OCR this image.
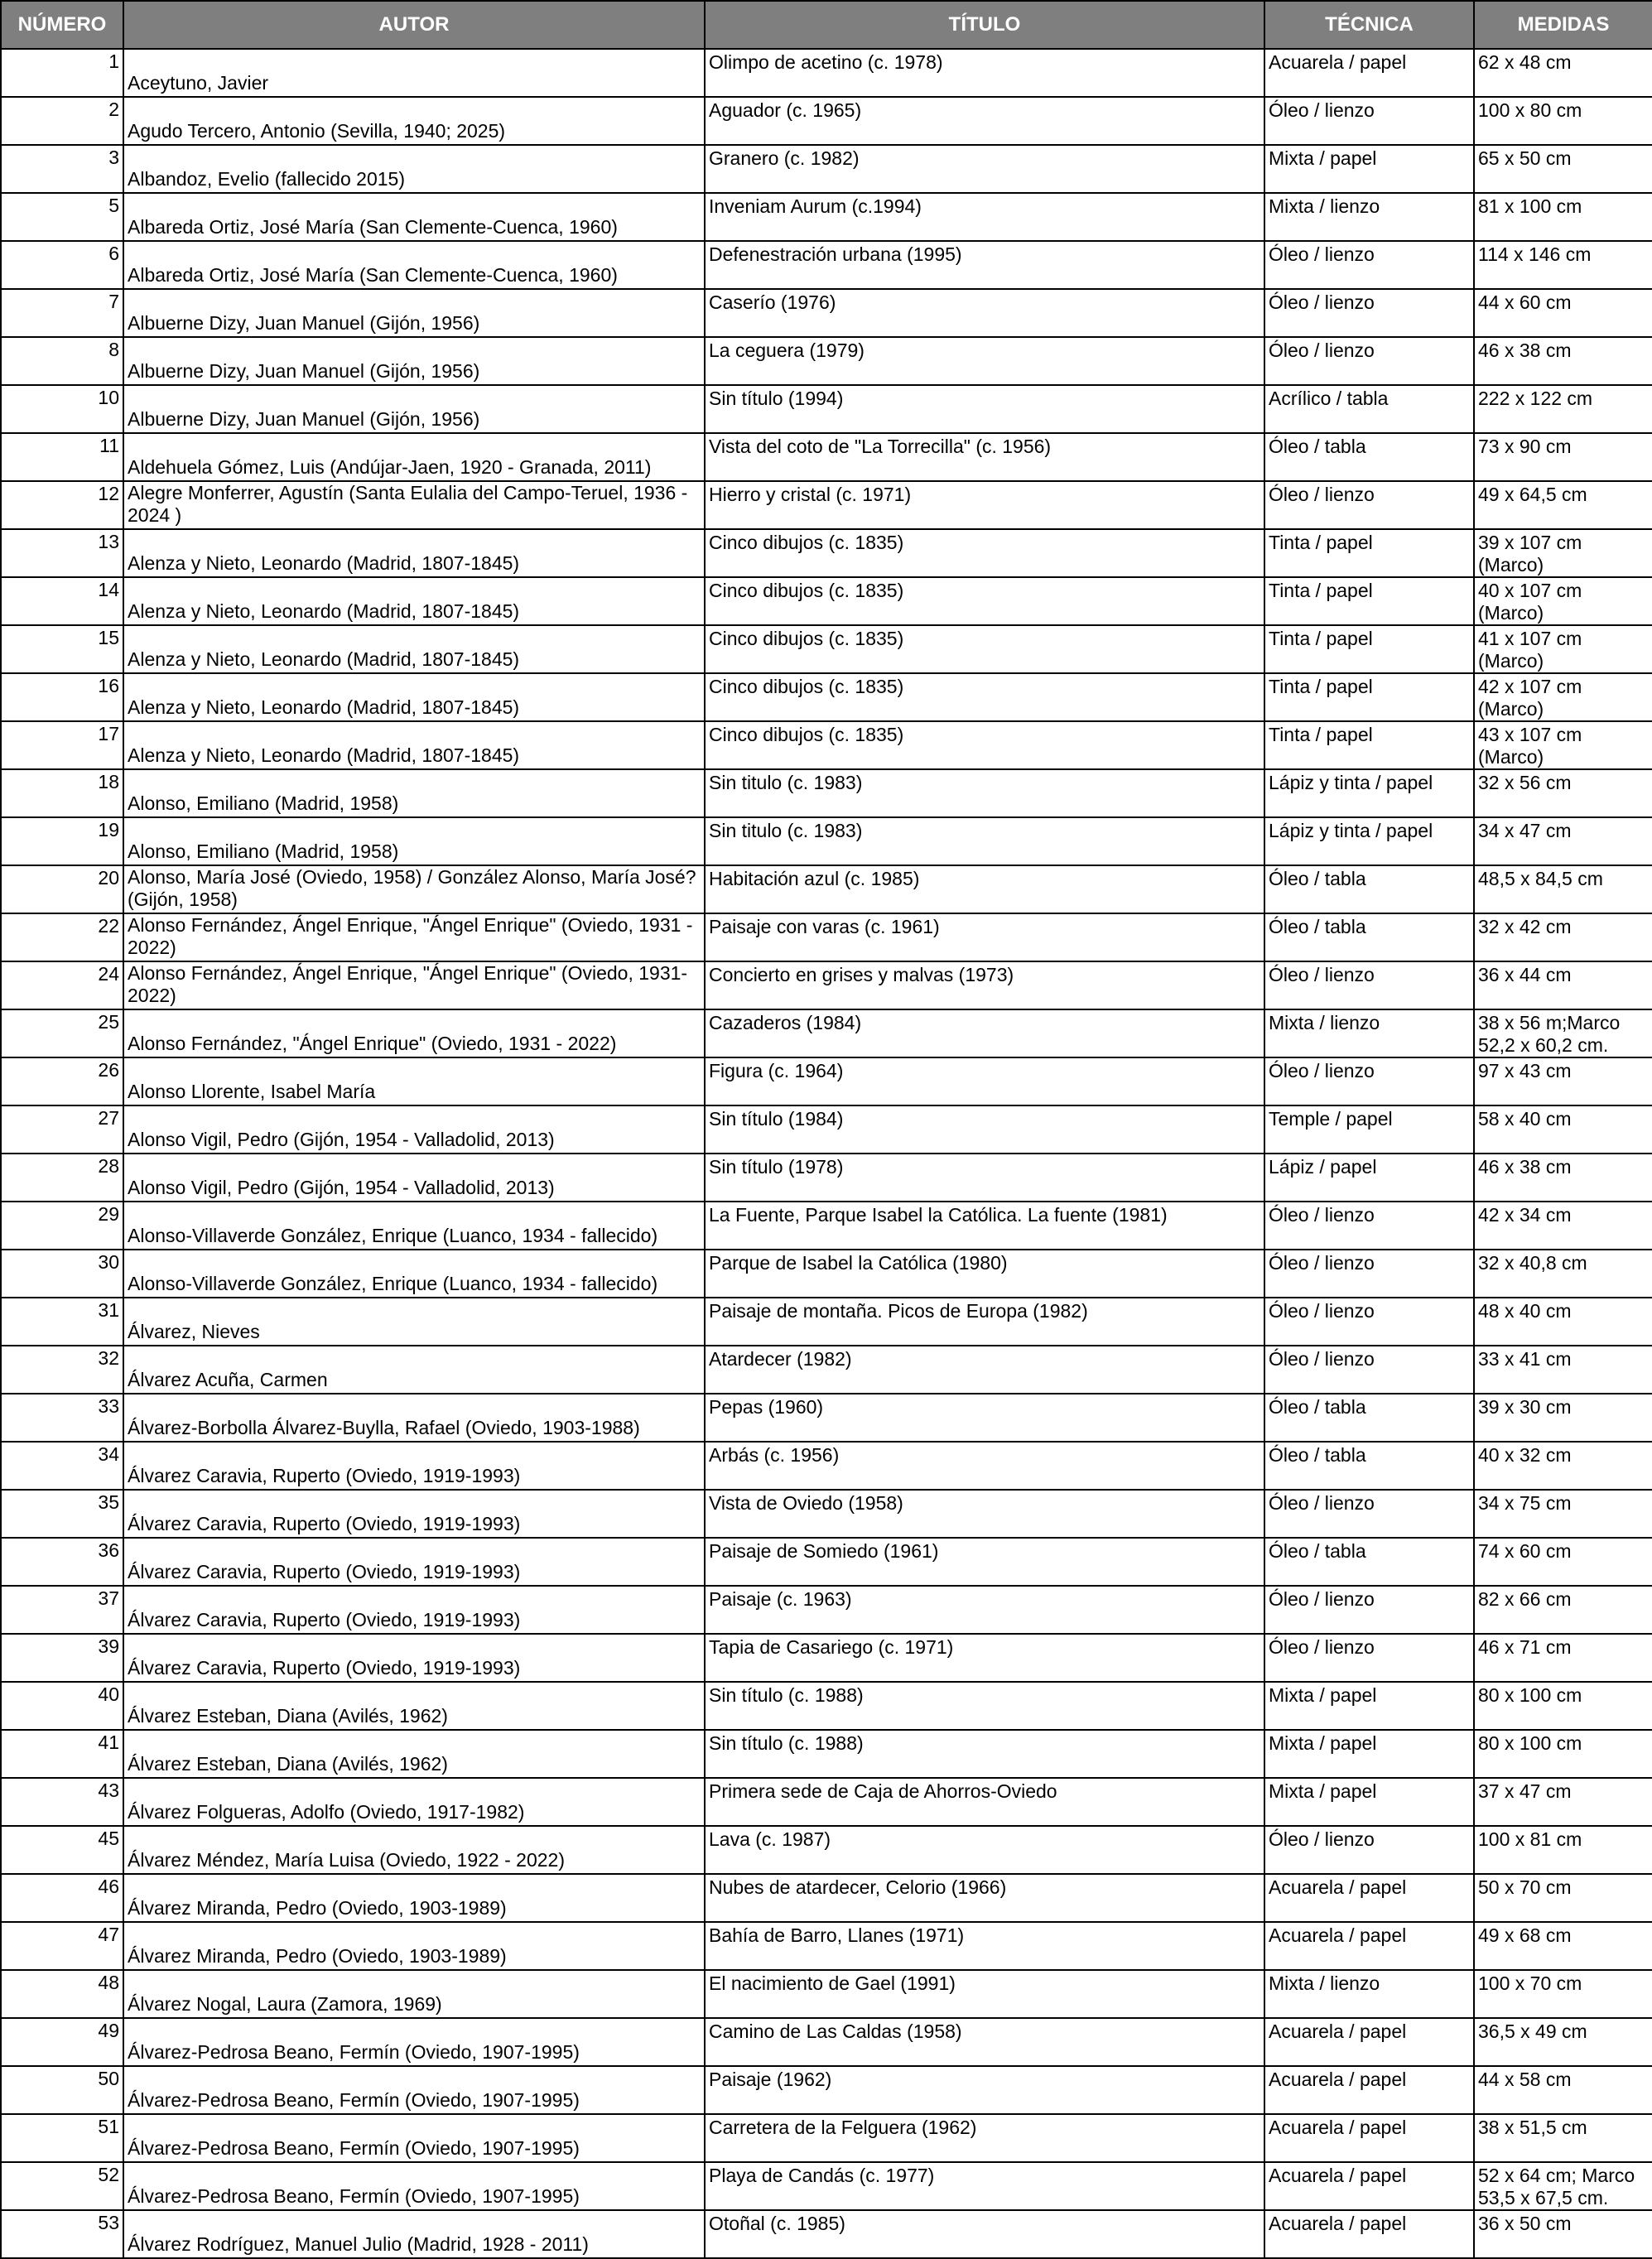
NÚMERO	AUTOR	TÍTULO	TÉCNICA	MEDIDAS

1	Aceytuno, Javier	Olimpo de acetino (c. 1978)	Acuarela / papel	62 x 48 cm

2	Agudo Tercero, Antonio (Sevilla, 1940; 2025)	Aguador (c. 1965)	Óleo / lienzo	100 x 80 cm

3	Albandoz, Evelio (fallecido 2015)	Granero (c. 1982)	Mixta / papel	65 x 50 cm

5	Albareda Ortiz, José María (San Clemente-Cuenca, 1960)	Inveniam Aurum (c.1994)	Mixta / lienzo	81 x 100 cm

6	Albareda Ortiz, José María (San Clemente-Cuenca, 1960)	Defenestración urbana (1995)	Óleo / lienzo	114 x 146 cm

7	Albuerne Dizy, Juan Manuel (Gijón, 1956)	Caserío (1976)	Óleo / lienzo	44 x 60 cm

8	Albuerne Dizy, Juan Manuel (Gijón, 1956)	La ceguera (1979)	Óleo / lienzo	46 x 38 cm

10	Albuerne Dizy, Juan Manuel (Gijón, 1956)	Sin título (1994)	Acrílico / tabla	222 x 122 cm

11	Aldehuela Gómez, Luis (Andújar-Jaen, 1920 - Granada, 2011)	Vista del coto de "La Torrecilla" (c. 1956)	Óleo / tabla	73 x 90 cm

12	Alegre Monferrer, Agustín (Santa Eulalia del Campo-Teruel, 1936 - 2024 )	Hierro y cristal (c. 1971)	Óleo / lienzo	49 x 64,5 cm

13	Alenza y Nieto, Leonardo (Madrid, 1807-1845)	Cinco dibujos (c. 1835)	Tinta / papel	39 x 107 cm (Marco)

14	Alenza y Nieto, Leonardo (Madrid, 1807-1845)	Cinco dibujos (c. 1835)	Tinta / papel	40 x 107 cm (Marco)

15	Alenza y Nieto, Leonardo (Madrid, 1807-1845)	Cinco dibujos (c. 1835)	Tinta / papel	41 x 107 cm (Marco)

16	Alenza y Nieto, Leonardo (Madrid, 1807-1845)	Cinco dibujos (c. 1835)	Tinta / papel	42 x 107 cm (Marco)

17	Alenza y Nieto, Leonardo (Madrid, 1807-1845)	Cinco dibujos (c. 1835)	Tinta / papel	43 x 107 cm (Marco)

18	Alonso, Emiliano (Madrid, 1958)	Sin titulo (c. 1983)	Lápiz y tinta / papel	32 x 56 cm

19	Alonso, Emiliano (Madrid, 1958)	Sin titulo (c. 1983)	Lápiz y tinta / papel	34 x 47 cm

20	Alonso, María José (Oviedo, 1958) / González Alonso, María José? (Gijón, 1958)	Habitación azul (c. 1985)	Óleo / tabla	48,5 x 84,5 cm

22	Alonso Fernández, Ángel Enrique, "Ángel Enrique" (Oviedo, 1931 - 2022)	Paisaje con varas (c. 1961)	Óleo / tabla	32 x 42 cm

24	Alonso Fernández, Ángel Enrique, "Ángel Enrique" (Oviedo, 1931- 2022)	Concierto en grises y malvas (1973)	Óleo / lienzo	36 x 44 cm

25	Alonso Fernández, "Ángel Enrique" (Oviedo, 1931 - 2022)	Cazaderos (1984)	Mixta / lienzo	38 x 56 m;Marco 52,2 x 60,2 cm.

26	Alonso Llorente, Isabel María	Figura (c. 1964)	Óleo / lienzo	97 x 43 cm

27	Alonso Vigil, Pedro (Gijón, 1954 - Valladolid, 2013)	Sin título (1984)	Temple / papel	58 x 40 cm

28	Alonso Vigil, Pedro (Gijón, 1954 - Valladolid, 2013)	Sin título (1978)	Lápiz / papel	46 x 38 cm

29	Alonso-Villaverde González, Enrique (Luanco, 1934 - fallecido)	La Fuente, Parque Isabel la Católica. La fuente (1981)	Óleo / lienzo	42 x 34 cm

30	Alonso-Villaverde González, Enrique (Luanco, 1934 - fallecido)	Parque de Isabel la Católica (1980)	Óleo / lienzo	32 x 40,8 cm

31	Álvarez, Nieves	Paisaje de montaña. Picos de Europa (1982)	Óleo / lienzo	48 x 40 cm

32	Álvarez Acuña, Carmen	Atardecer (1982)	Óleo / lienzo	33 x 41 cm

33	Álvarez-Borbolla Álvarez-Buylla, Rafael (Oviedo, 1903-1988)	Pepas (1960)	Óleo / tabla	39 x 30 cm

34	Álvarez Caravia, Ruperto (Oviedo, 1919-1993)	Arbás (c. 1956)	Óleo / tabla	40 x 32 cm

35	Álvarez Caravia, Ruperto (Oviedo, 1919-1993)	Vista de Oviedo (1958)	Óleo / lienzo	34 x 75 cm

36	Álvarez Caravia, Ruperto (Oviedo, 1919-1993)	Paisaje de Somiedo (1961)	Óleo / tabla	74 x 60 cm

37	Álvarez Caravia, Ruperto (Oviedo, 1919-1993)	Paisaje (c. 1963)	Óleo / lienzo	82 x 66 cm

39	Álvarez Caravia, Ruperto (Oviedo, 1919-1993)	Tapia de Casariego (c. 1971)	Óleo / lienzo	46 x 71 cm

40	Álvarez Esteban, Diana (Avilés, 1962)	Sin título (c. 1988)	Mixta / papel	80 x 100 cm

41	Álvarez Esteban, Diana (Avilés, 1962)	Sin título (c. 1988)	Mixta / papel	80 x 100 cm

43	Álvarez Folgueras, Adolfo (Oviedo, 1917-1982)	Primera sede de Caja de Ahorros-Oviedo	Mixta / papel	37 x 47 cm

45	Álvarez Méndez, María Luisa (Oviedo, 1922 - 2022)	Lava (c. 1987)	Óleo / lienzo	100 x 81 cm

46	Álvarez Miranda, Pedro (Oviedo, 1903-1989)	Nubes de atardecer, Celorio (1966)	Acuarela / papel	50 x 70 cm

47	Álvarez Miranda, Pedro (Oviedo, 1903-1989)	Bahía de Barro, Llanes (1971)	Acuarela / papel	49 x 68 cm

48	Álvarez Nogal, Laura (Zamora, 1969)	El nacimiento de Gael (1991)	Mixta / lienzo	100 x 70 cm

49	Álvarez-Pedrosa Beano, Fermín (Oviedo, 1907-1995)	Camino de Las Caldas (1958)	Acuarela / papel	36,5 x 49 cm

50	Álvarez-Pedrosa Beano, Fermín (Oviedo, 1907-1995)	Paisaje (1962)	Acuarela / papel	44 x 58 cm

51	Álvarez-Pedrosa Beano, Fermín (Oviedo, 1907-1995)	Carretera de la Felguera (1962)	Acuarela / papel	38 x 51,5 cm

52	Álvarez-Pedrosa Beano, Fermín (Oviedo, 1907-1995)	Playa de Candás (c. 1977)	Acuarela / papel	52 x 64 cm; Marco 53,5 x 67,5 cm.

53	Álvarez Rodríguez, Manuel Julio (Madrid, 1928 - 2011)	Otoñal (c. 1985)	Acuarela / papel	36 x 50 cm
